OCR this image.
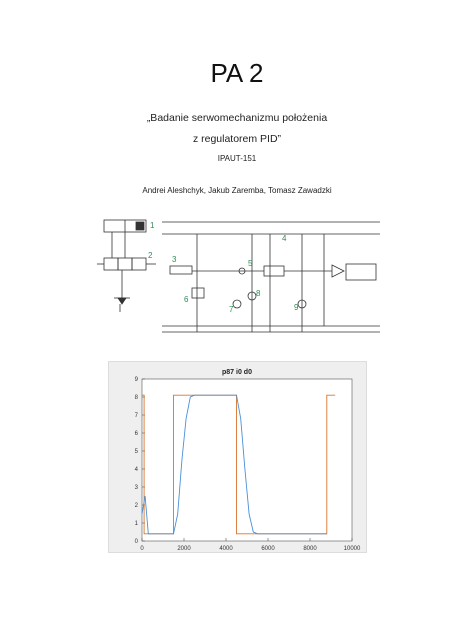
PA 2
„Badanie serwomechanizmu położenia
z regulatorem PID”
IPAUT-151
Andrei Aleshchyk, Jakub Zaremba, Tomasz Zawadzki
1
2 3
4
5
6
7
8
9
p87 i0 d0
0	2000	4000	6000	8000	10000
0
1
2
3
4
5
6
7
8
9
